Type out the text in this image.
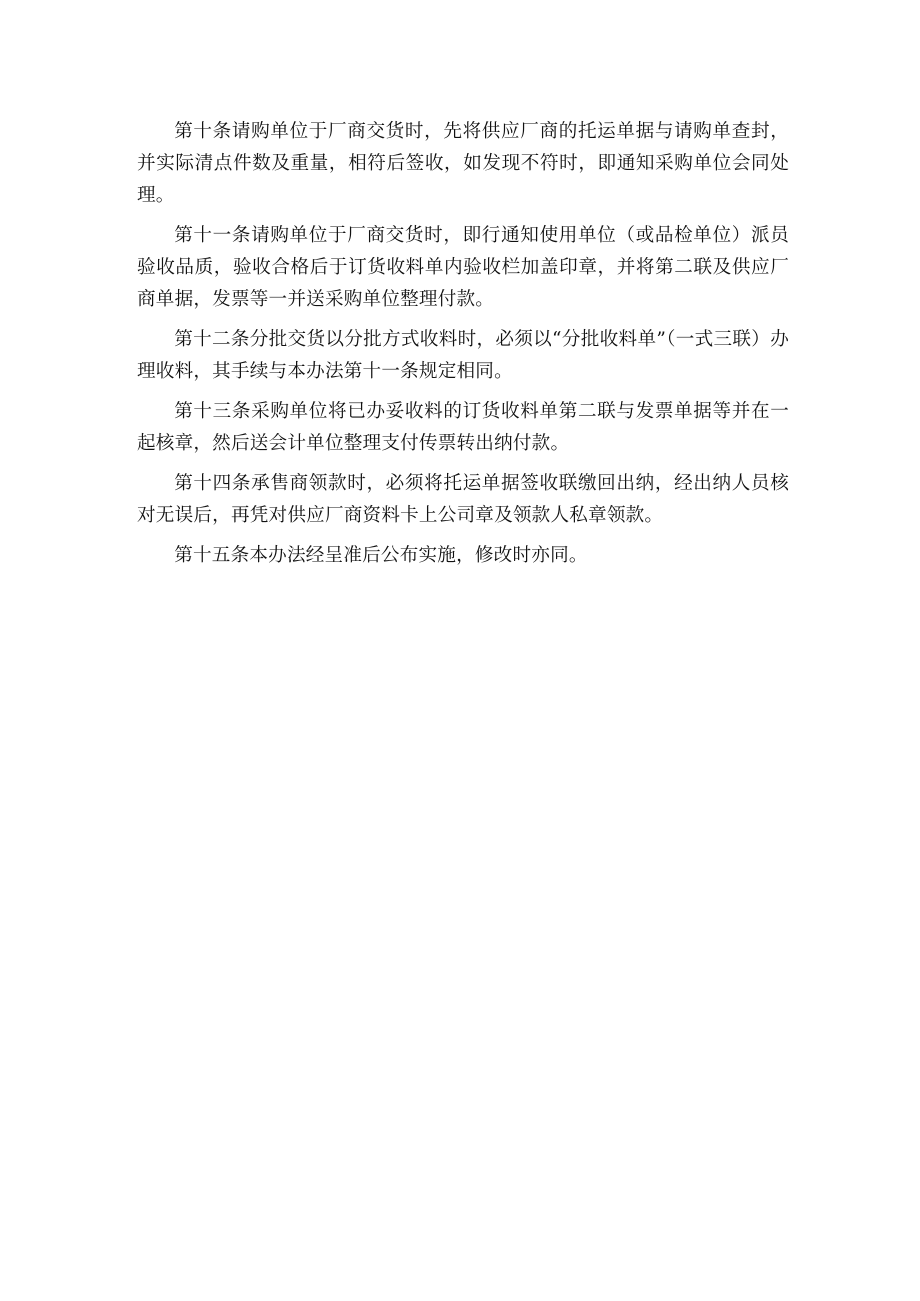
第十条请购单位于厂商交货时，先将供应厂商的托运单据与请购单查封，并实际清点件数及重量，相符后签收，如发现不符时，即通知采购单位会同处理。

第十一条请购单位于厂商交货时，即行通知使用单位（或品检单位）派员验收品质，验收合格后于订货收料单内验收栏加盖印章，并将第二联及供应厂商单据，发票等一并送采购单位整理付款。

第十二条分批交货以分批方式收料时，必须以“分批收料单”（一式三联）办理收料，其手续与本办法第十一条规定相同。

第十三条采购单位将已办妥收料的订货收料单第二联与发票单据等并在一起核章，然后送会计单位整理支付传票转出纳付款。

第十四条承售商领款时，必须将托运单据签收联缴回出纳，经出纳人员核对无误后，再凭对供应厂商资料卡上公司章及领款人私章领款。

第十五条本办法经呈准后公布实施，修改时亦同。
